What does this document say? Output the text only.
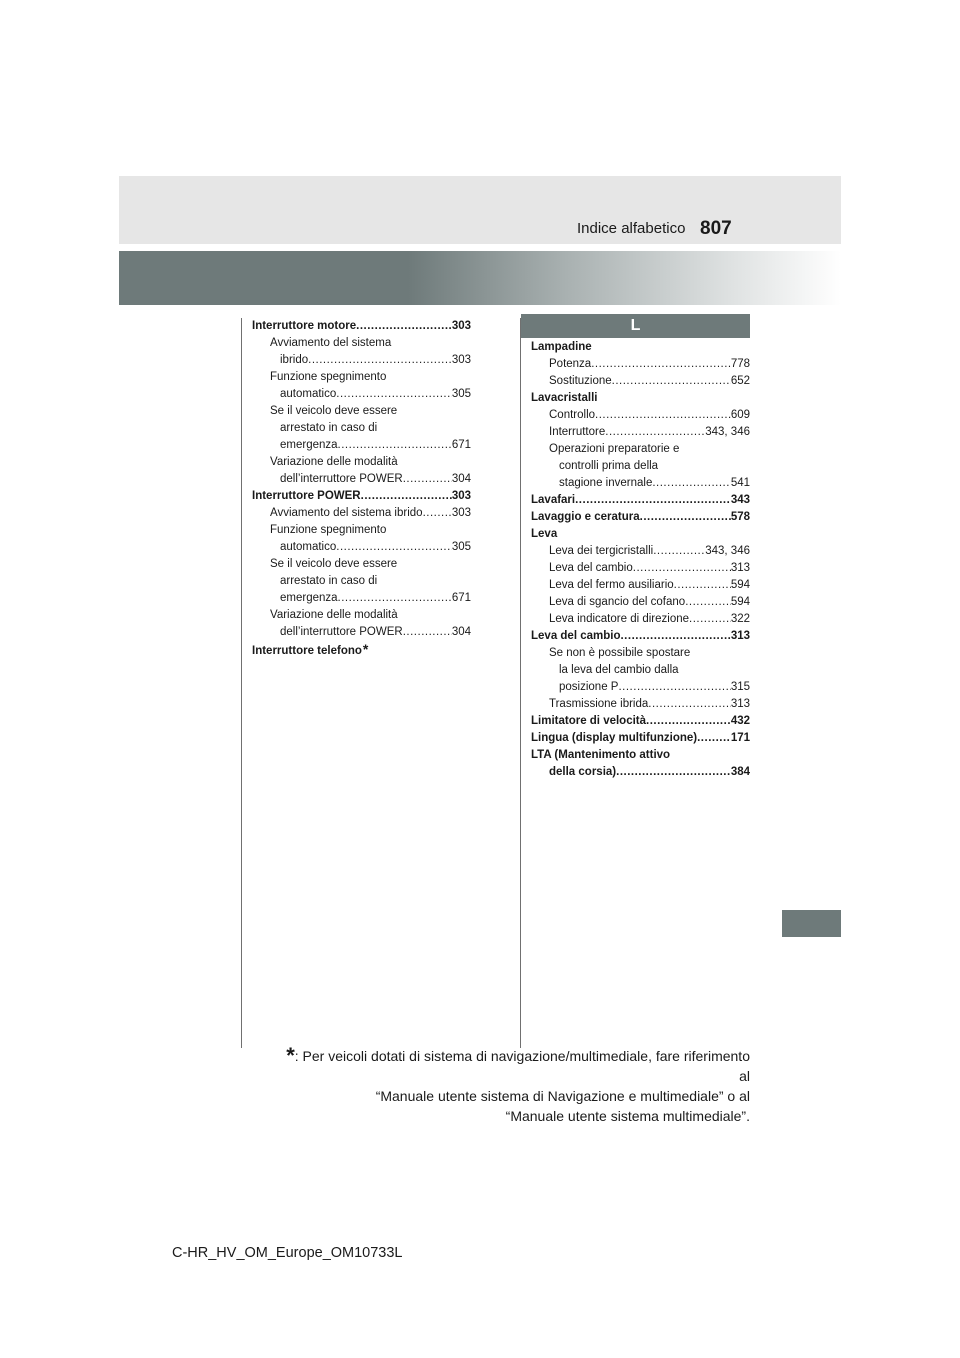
Indice alfabetico 807
Interruttore motore .....	303
Avviamento del sistema
ibrido .....	303
Funzione spegnimento
automatico .....	305
Se il veicolo deve essere
arrestato in caso di
emergenza .....	671
Variazione delle modalità
dell’interruttore POWER .....	304
Interruttore POWER .....	303
Avviamento del sistema ibrido .....	303
Funzione spegnimento
automatico .....	305
Se il veicolo deve essere
arrestato in caso di
emergenza .....	671
Variazione delle modalità
dell’interruttore POWER .....	304
Interruttore telefono *
L
Lampadine
Potenza .....	778
Sostituzione .....	652
Lavacristalli
Controllo .....	609
Interruttore .....	343, 346
Operazioni preparatorie e
controlli prima della
stagione invernale .....	541
Lavafari .....	343
Lavaggio e ceratura .....	578
Leva
Leva dei tergicristalli .....	343, 346
Leva del cambio .....	313
Leva del fermo ausiliario .....	594
Leva di sgancio del cofano .....	594
Leva indicatore di direzione .....	322
Leva del cambio .....	313
Se non è possibile spostare
la leva del cambio dalla
posizione P .....	315
Trasmissione ibrida .....	313
Limitatore di velocità .....	432
Lingua (display multifunzione) .....	171
LTA (Mantenimento attivo
della corsia) .....	384
*: Per veicoli dotati di sistema di navigazione/multimediale, fare riferimento al
“Manuale utente sistema di Navigazione e multimediale” o al
“Manuale utente sistema multimediale”.
C-HR_HV_OM_Europe_OM10733L
